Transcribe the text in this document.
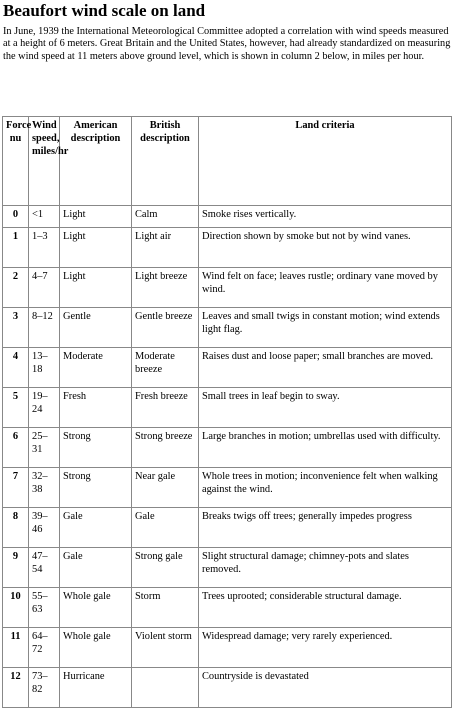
Beaufort wind scale on land

In June, 1939 the International Meteorological Committee adopted a correlation with wind speeds measured at a height of 6 meters. Great Britain and the United States, however, had already standardized on measuring the wind speed at 11 meters above ground level, which is shown in column 2 below, in miles per hour.

Force nu	Wind speed, miles/hr	American description	British description	Land criteria
0	<1	Light	Calm	Smoke rises vertically.
1	1–3	Light	Light air	Direction shown by smoke but not by wind vanes.
2	4–7	Light	Light breeze	Wind felt on face; leaves rustle; ordinary vane moved by wind.
3	8–12	Gentle	Gentle breeze	Leaves and small twigs in constant motion; wind extends light flag.
4	13–18	Moderate	Moderate breeze	Raises dust and loose paper; small branches are moved.
5	19–24	Fresh	Fresh breeze	Small trees in leaf begin to sway.
6	25–31	Strong	Strong breeze	Large branches in motion; umbrellas used with difficulty.
7	32–38	Strong	Near gale	Whole trees in motion; inconvenience felt when walking against the wind.
8	39–46	Gale	Gale	Breaks twigs off trees; generally impedes progress
9	47–54	Gale	Strong gale	Slight structural damage; chimney-pots and slates removed.
10	55–63	Whole gale	Storm	Trees uprooted; considerable structural damage.
11	64–72	Whole gale	Violent storm	Widespread damage; very rarely experienced.
12	73–82	Hurricane		Countryside is devastated
